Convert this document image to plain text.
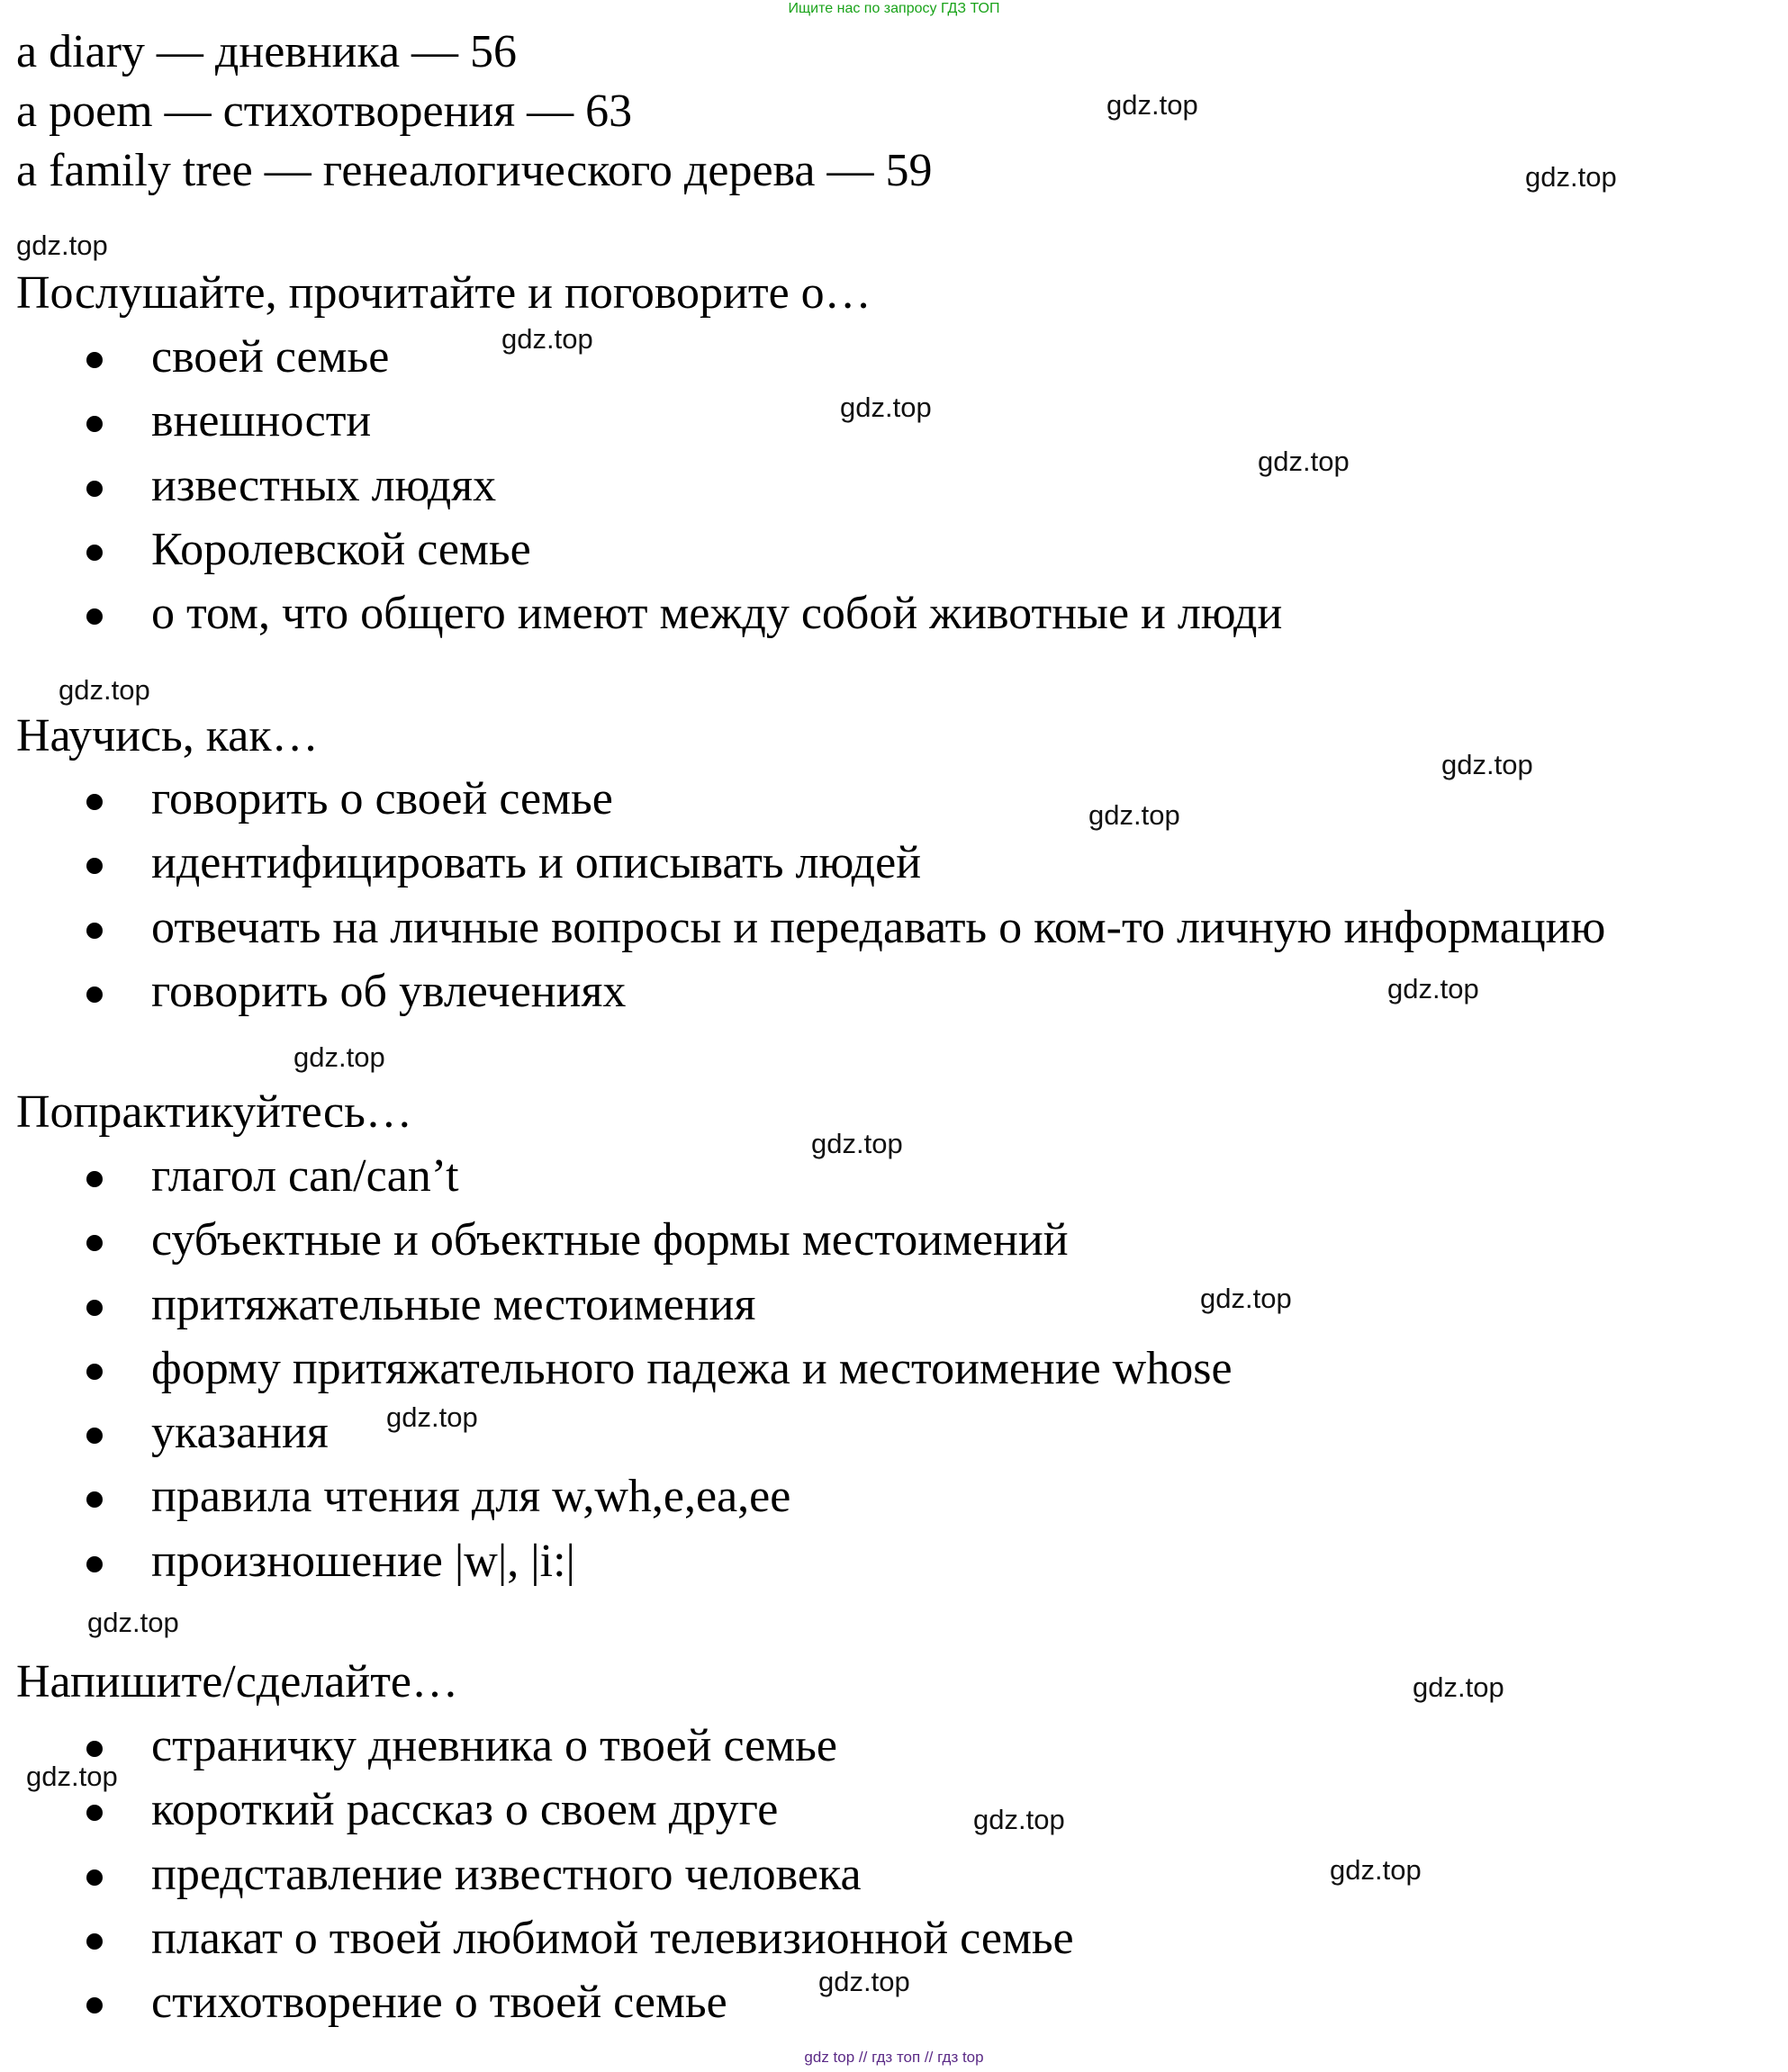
Ищите нас по запросу ГДЗ ТОП
a diary — дневника — 56
a poem — стихотворения — 63
a family tree — генеалогического дерева — 59
Послушайте, прочитайте и поговорите о…
своей семье
внешности
известных людях
Королевской семье
о том, что общего имеют между собой животные и люди
Научись, как…
говорить о своей семье
идентифицировать и описывать людей
отвечать на личные вопросы и передавать о ком-то личную информацию
говорить об увлечениях
Попрактикуйтесь…
глагол can/can’t
субъектные и объектные формы местоимений
притяжательные местоимения
форму притяжательного падежа и местоимение whose
указания
правила чтения для w,wh,e,ea,ee
произношение |w|, |i:|
Напишите/сделайте…
страничку дневника о твоей семье
короткий рассказ о своем друге
представление известного человека
плакат о твоей любимой телевизионной семье
стихотворение о твоей семье
gdz.top
gdz.top
gdz.top
gdz.top
gdz.top
gdz.top
gdz.top
gdz.top
gdz.top
gdz.top
gdz.top
gdz.top
gdz.top
gdz.top
gdz.top
gdz.top
gdz.top
gdz.top
gdz.top
gdz.top
gdz top // гдз топ // гдз top
